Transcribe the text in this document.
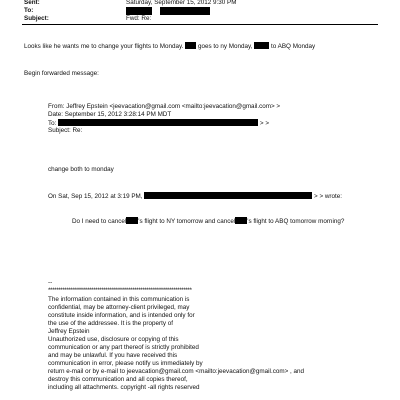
Sent:	Saturday, September 15, 2012 9:30 PM
To:
Subject:	Fwd: Re:
Looks like he wants me to change your flights to Monday. goes to ny Monday,	to ABQ Monday
Begin forwarded message:
From: Jeffrey Epstein <jeevacation@gmail.com <mailto:jeevacation@gmail.com> >
Date: September 15, 2012 3:28:14 PM MDT
To:	> >
Subject: Re:
change both to monday
On Sat, Sep 15, 2012 at 3:19 PM,	> > wrote:
Do I need to cancel 's flight to NY tomorrow and cancel 's flight to ABQ tomorrow morning?
--
**********************************************************************
The information contained in this communication is
confidential, may be attorney-client privileged, may
constitute inside information, and is intended only for
the use of the addressee. It is the property of
Jeffrey Epstein
Unauthorized use, disclosure or copying of this
communication or any part thereof is strictly prohibited
and may be unlawful. If you have received this
communication in error, please notify us immediately by
return e-mail or by e-mail to jeevacation@gmail.com <mailto:jeevacation@gmail.com> , and
destroy this communication and all copies thereof,
including all attachments. copyright -all rights reserved
